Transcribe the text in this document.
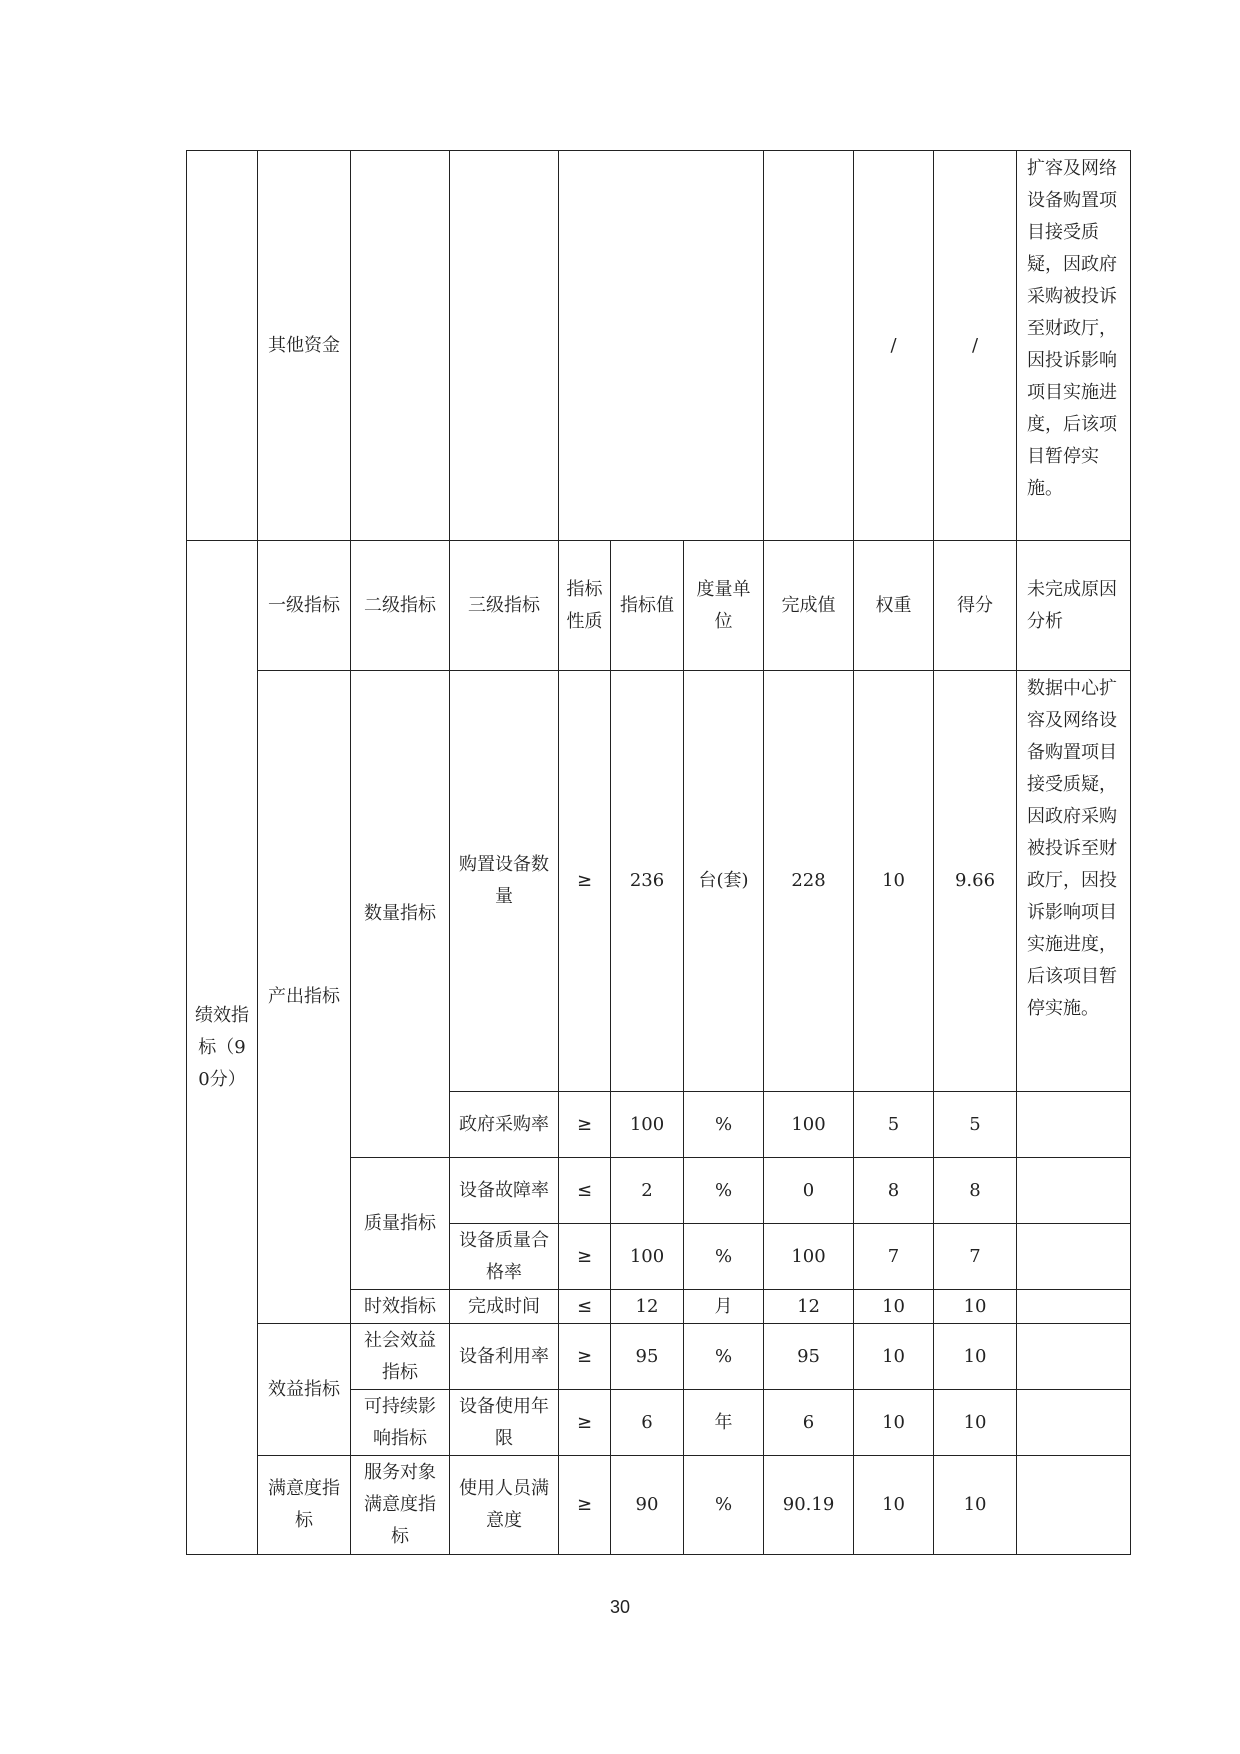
	其他资金							/	/	扩容及网络设备购置项目接受质疑，因政府采购被投诉至财政厅，因投诉影响项目实施进度，后该项目暂停实施。
绩效指标（90分）	一级指标	二级指标	三级指标	指标性质	指标值	度量单位	完成值	权重	得分	未完成原因分析
	产出指标	数量指标	购置设备数量	≥	236	台(套)	228	10	9.66	数据中心扩容及网络设备购置项目接受质疑，因政府采购被投诉至财政厅，因投诉影响项目实施进度，后该项目暂停实施。
			政府采购率	≥	100	%	100	5	5	
		质量指标	设备故障率	≤	2	%	0	8	8	
			设备质量合格率	≥	100	%	100	7	7	
		时效指标	完成时间	≤	12	月	12	10	10	
	效益指标	社会效益指标	设备利用率	≥	95	%	95	10	10	
		可持续影响指标	设备使用年限	≥	6	年	6	10	10	
	满意度指标	服务对象满意度指标	使用人员满意度	≥	90	%	90.19	10	10	
30
